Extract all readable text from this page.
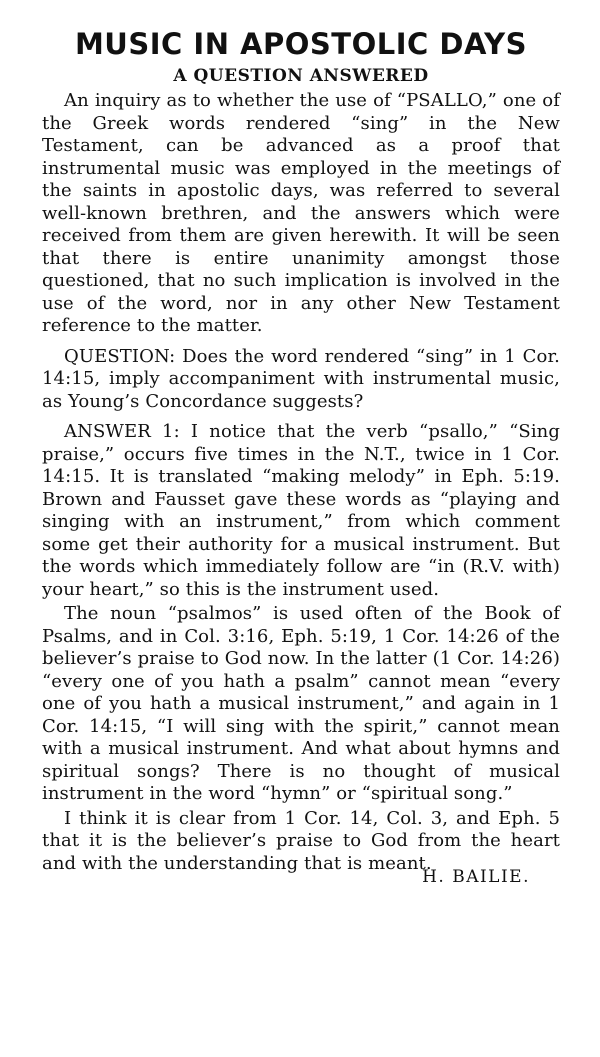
MUSIC IN APOSTOLIC DAYS
A QUESTION ANSWERED

An inquiry as to whether the use of “PSALLO,” one of the Greek words rendered “sing” in the New Testament, can be advanced as a proof that instrumental music was employed in the meetings of the saints in apostolic days, was referred to several well-known brethren, and the answers which were received from them are given herewith. It will be seen that there is entire unanimity amongst those questioned, that no such implication is involved in the use of the word, nor in any other New Testament reference to the matter.

QUESTION: Does the word rendered “sing” in 1 Cor. 14:15, imply accompaniment with instrumental music, as Young’s Concordance suggests?

ANSWER 1: I notice that the verb “psallo,” “Sing praise,” occurs five times in the N.T., twice in 1 Cor. 14:15. It is translated “making melody” in Eph. 5:19. Brown and Fausset gave these words as “playing and singing with an instrument,” from which comment some get their authority for a musical instrument. But the words which immediately follow are “in (R.V. with) your heart,” so this is the instrument used.

The noun “psalmos” is used often of the Book of Psalms, and in Col. 3:16, Eph. 5:19, 1 Cor. 14:26 of the believer’s praise to God now. In the latter (1 Cor. 14:26) “every one of you hath a psalm” cannot mean “every one of you hath a musical instrument,” and again in 1 Cor. 14:15, “I will sing with the spirit,” cannot mean with a musical instrument. And what about hymns and spiritual songs? There is no thought of musical instrument in the word “hymn” or “spiritual song.”

I think it is clear from 1 Cor. 14, Col. 3, and Eph. 5 that it is the believer’s praise to God from the heart and with the understanding that is meant.

H. BAILIE.
